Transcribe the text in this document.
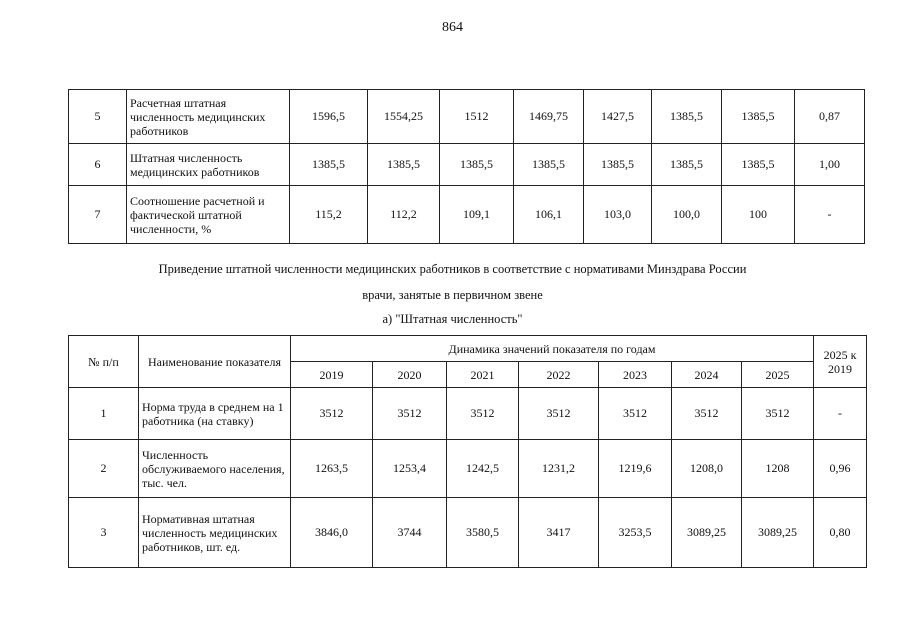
864
5	Расчетная штатная численность медицинских работников	1596,5	1554,25	1512	1469,75	1427,5	1385,5	1385,5	0,87
6	Штатная численность медицинских работников	1385,5	1385,5	1385,5	1385,5	1385,5	1385,5	1385,5	1,00
7	Соотношение расчетной и фактической штатной численности, %	115,2	112,2	109,1	106,1	103,0	100,0	100	-
Приведение штатной численности медицинских работников в соответствие с нормативами Минздрава России
врачи, занятые в первичном звене
а) "Штатная численность"
№ п/п	Наименование показателя	Динамика значений показателя по годам							2025 к 2019
		2019	2020	2021	2022	2023	2024	2025	
1	Норма труда в среднем на 1 работника (на ставку)	3512	3512	3512	3512	3512	3512	3512	-
2	Численность обслуживаемого населения, тыс. чел.	1263,5	1253,4	1242,5	1231,2	1219,6	1208,0	1208	0,96
3	Нормативная штатная численность медицинских работников, шт. ед.	3846,0	3744	3580,5	3417	3253,5	3089,25	3089,25	0,80
